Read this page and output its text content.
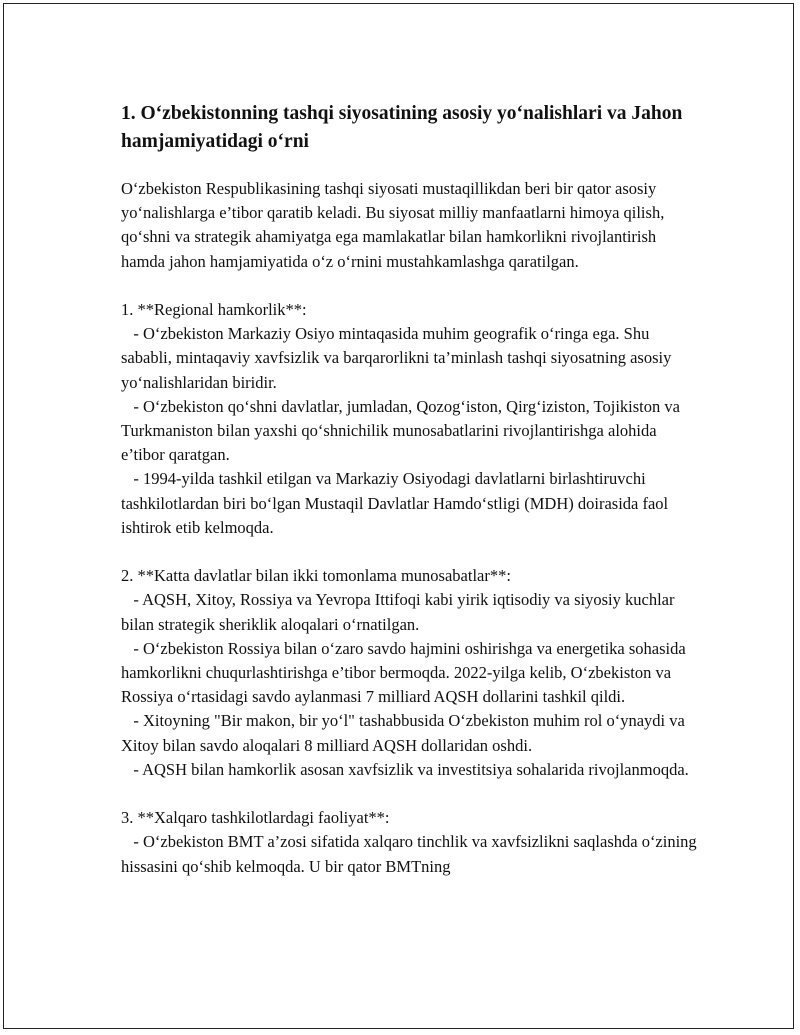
1. O‘zbekistonning tashqi siyosatining asosiy yo‘nalishlari va Jahon hamjamiyatidagi o‘rni

O‘zbekiston Respublikasining tashqi siyosati mustaqillikdan beri bir qator asosiy yo‘nalishlarga e’tibor qaratib keladi. Bu siyosat milliy manfaatlarni himoya qilish, qo‘shni va strategik ahamiyatga ega mamlakatlar bilan hamkorlikni rivojlantirish hamda jahon hamjamiyatida o‘z o‘rnini mustahkamlashga qaratilgan.

1. **Regional hamkorlik**:

- O‘zbekiston Markaziy Osiyo mintaqasida muhim geografik o‘ringa ega. Shu sababli, mintaqaviy xavfsizlik va barqarorlikni ta’minlash tashqi siyosatning asosiy yo‘nalishlaridan biridir.

- O‘zbekiston qo‘shni davlatlar, jumladan, Qozog‘iston, Qirg‘iziston, Tojikiston va Turkmaniston bilan yaxshi qo‘shnichilik munosabatlarini rivojlantirishga alohida e’tibor qaratgan.

- 1994-yilda tashkil etilgan va Markaziy Osiyodagi davlatlarni birlashtiruvchi tashkilotlardan biri bo‘lgan Mustaqil Davlatlar Hamdo‘stligi (MDH) doirasida faol ishtirok etib kelmoqda.

2. **Katta davlatlar bilan ikki tomonlama munosabatlar**:

- AQSH, Xitoy, Rossiya va Yevropa Ittifoqi kabi yirik iqtisodiy va siyosiy kuchlar bilan strategik sheriklik aloqalari o‘rnatilgan.

- O‘zbekiston Rossiya bilan o‘zaro savdo hajmini oshirishga va energetika sohasida hamkorlikni chuqurlashtirishga e’tibor bermoqda. 2022-yilga kelib, O‘zbekiston va Rossiya o‘rtasidagi savdo aylanmasi 7 milliard AQSH dollarini tashkil qildi.

- Xitoyning "Bir makon, bir yo‘l" tashabbusida O‘zbekiston muhim rol o‘ynaydi va Xitoy bilan savdo aloqalari 8 milliard AQSH dollaridan oshdi.

- AQSH bilan hamkorlik asosan xavfsizlik va investitsiya sohalarida rivojlanmoqda.

3. **Xalqaro tashkilotlardagi faoliyat**:

- O‘zbekiston BMT a’zosi sifatida xalqaro tinchlik va xavfsizlikni saqlashda o‘zining hissasini qo‘shib kelmoqda. U bir qator BMTning
